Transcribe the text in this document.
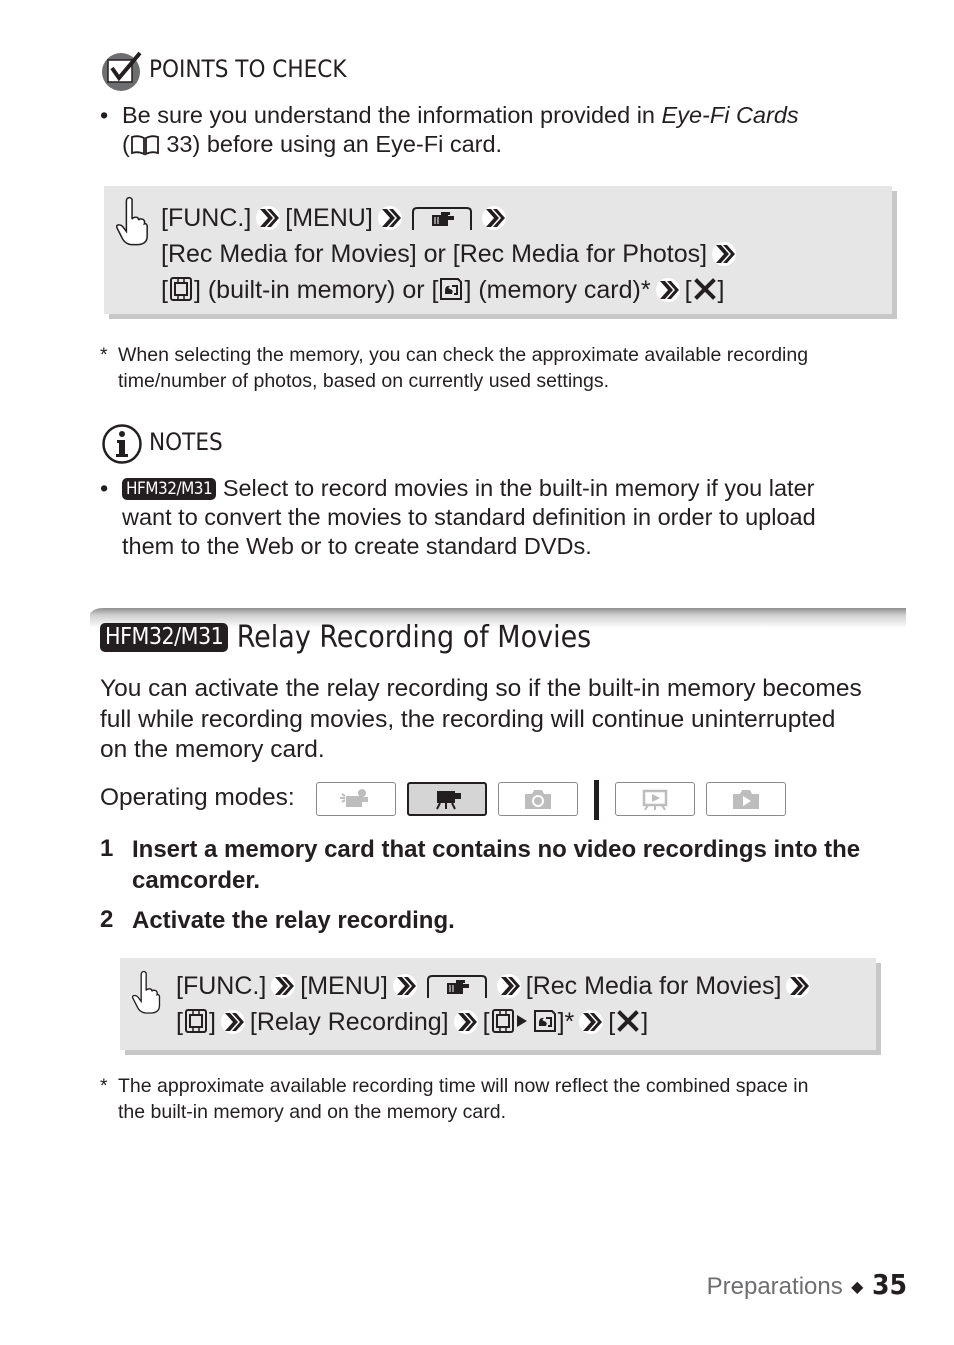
POINTS TO CHECK
• Be sure you understand the information provided in Eye-Fi Cards
(
33) before using an Eye-Fi card.
[FUNC.] [MENU]
[Rec Media for Movies] or [Rec Media for Photos]
[ ] (built-in memory) or [ ] (memory card)* [ ]
* When selecting the memory, you can check the approximate available recording
time/number of photos, based on currently used settings.
NOTES
• HFM32/M31 Select to record movies in the built-in memory if you later
want to convert the movies to standard definition in order to upload
them to the Web or to create standard DVDs.
HFM32/M31 Relay Recording of Movies
You can activate the relay recording so if the built-in memory becomes
full while recording movies, the recording will continue uninterrupted
on the memory card.
Operating modes:
1 Insert a memory card that contains no video recordings into the
camcorder.
2 Activate the relay recording.
[FUNC.] [MENU]	[Rec Media for Movies]
[ ] [Relay Recording] [	]* [ ]
* The approximate available recording time will now reflect the combined space in
the built-in memory and on the memory card.
Preparations ◆ 35
